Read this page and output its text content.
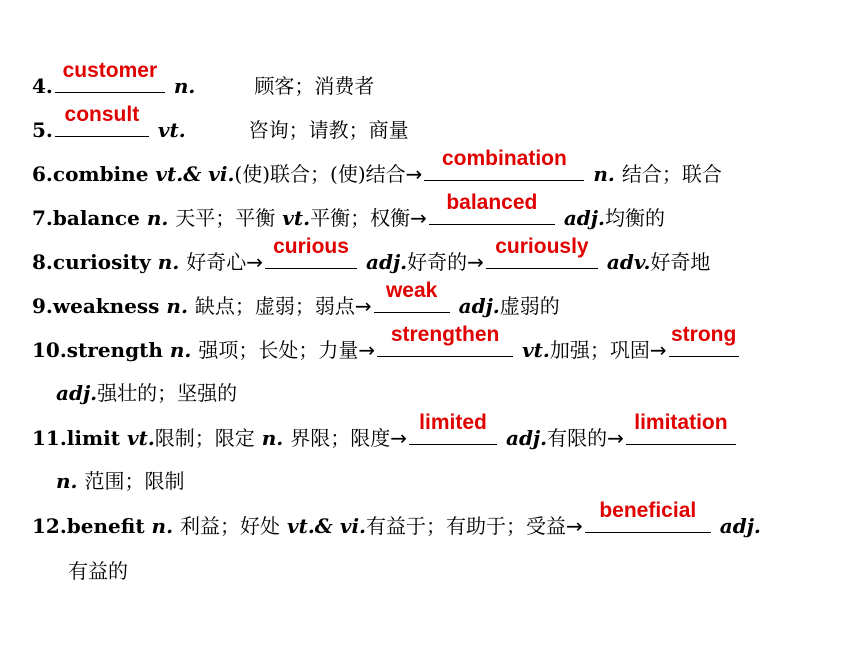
4.
customer
n.	顾客；消费者
5.
consult
vt.	咨询；请教；商量
6.combine vt.& vi.(使)联合；(使)结合→
combination
n. 结合；联合
7.balance n. 天平；平衡 vt.平衡；权衡→
balanced
adj.均衡的
8.curiosity n. 好奇心→
curious
adj.好奇的→
curiously
adv.好奇地
9.weakness n. 缺点；虚弱；弱点→
weak
adj.虚弱的
10.strength n. 强项；长处；力量→
strengthen
vt.加强；巩固→
strong
adj.强壮的；坚强的
11.limit vt.限制；限定 n. 界限；限度→
limited
adj.有限的→
limitation
n. 范围；限制
12.benefit n. 利益；好处 vt.& vi.有益于；有助于；受益→
beneficial
adj.
有益的
